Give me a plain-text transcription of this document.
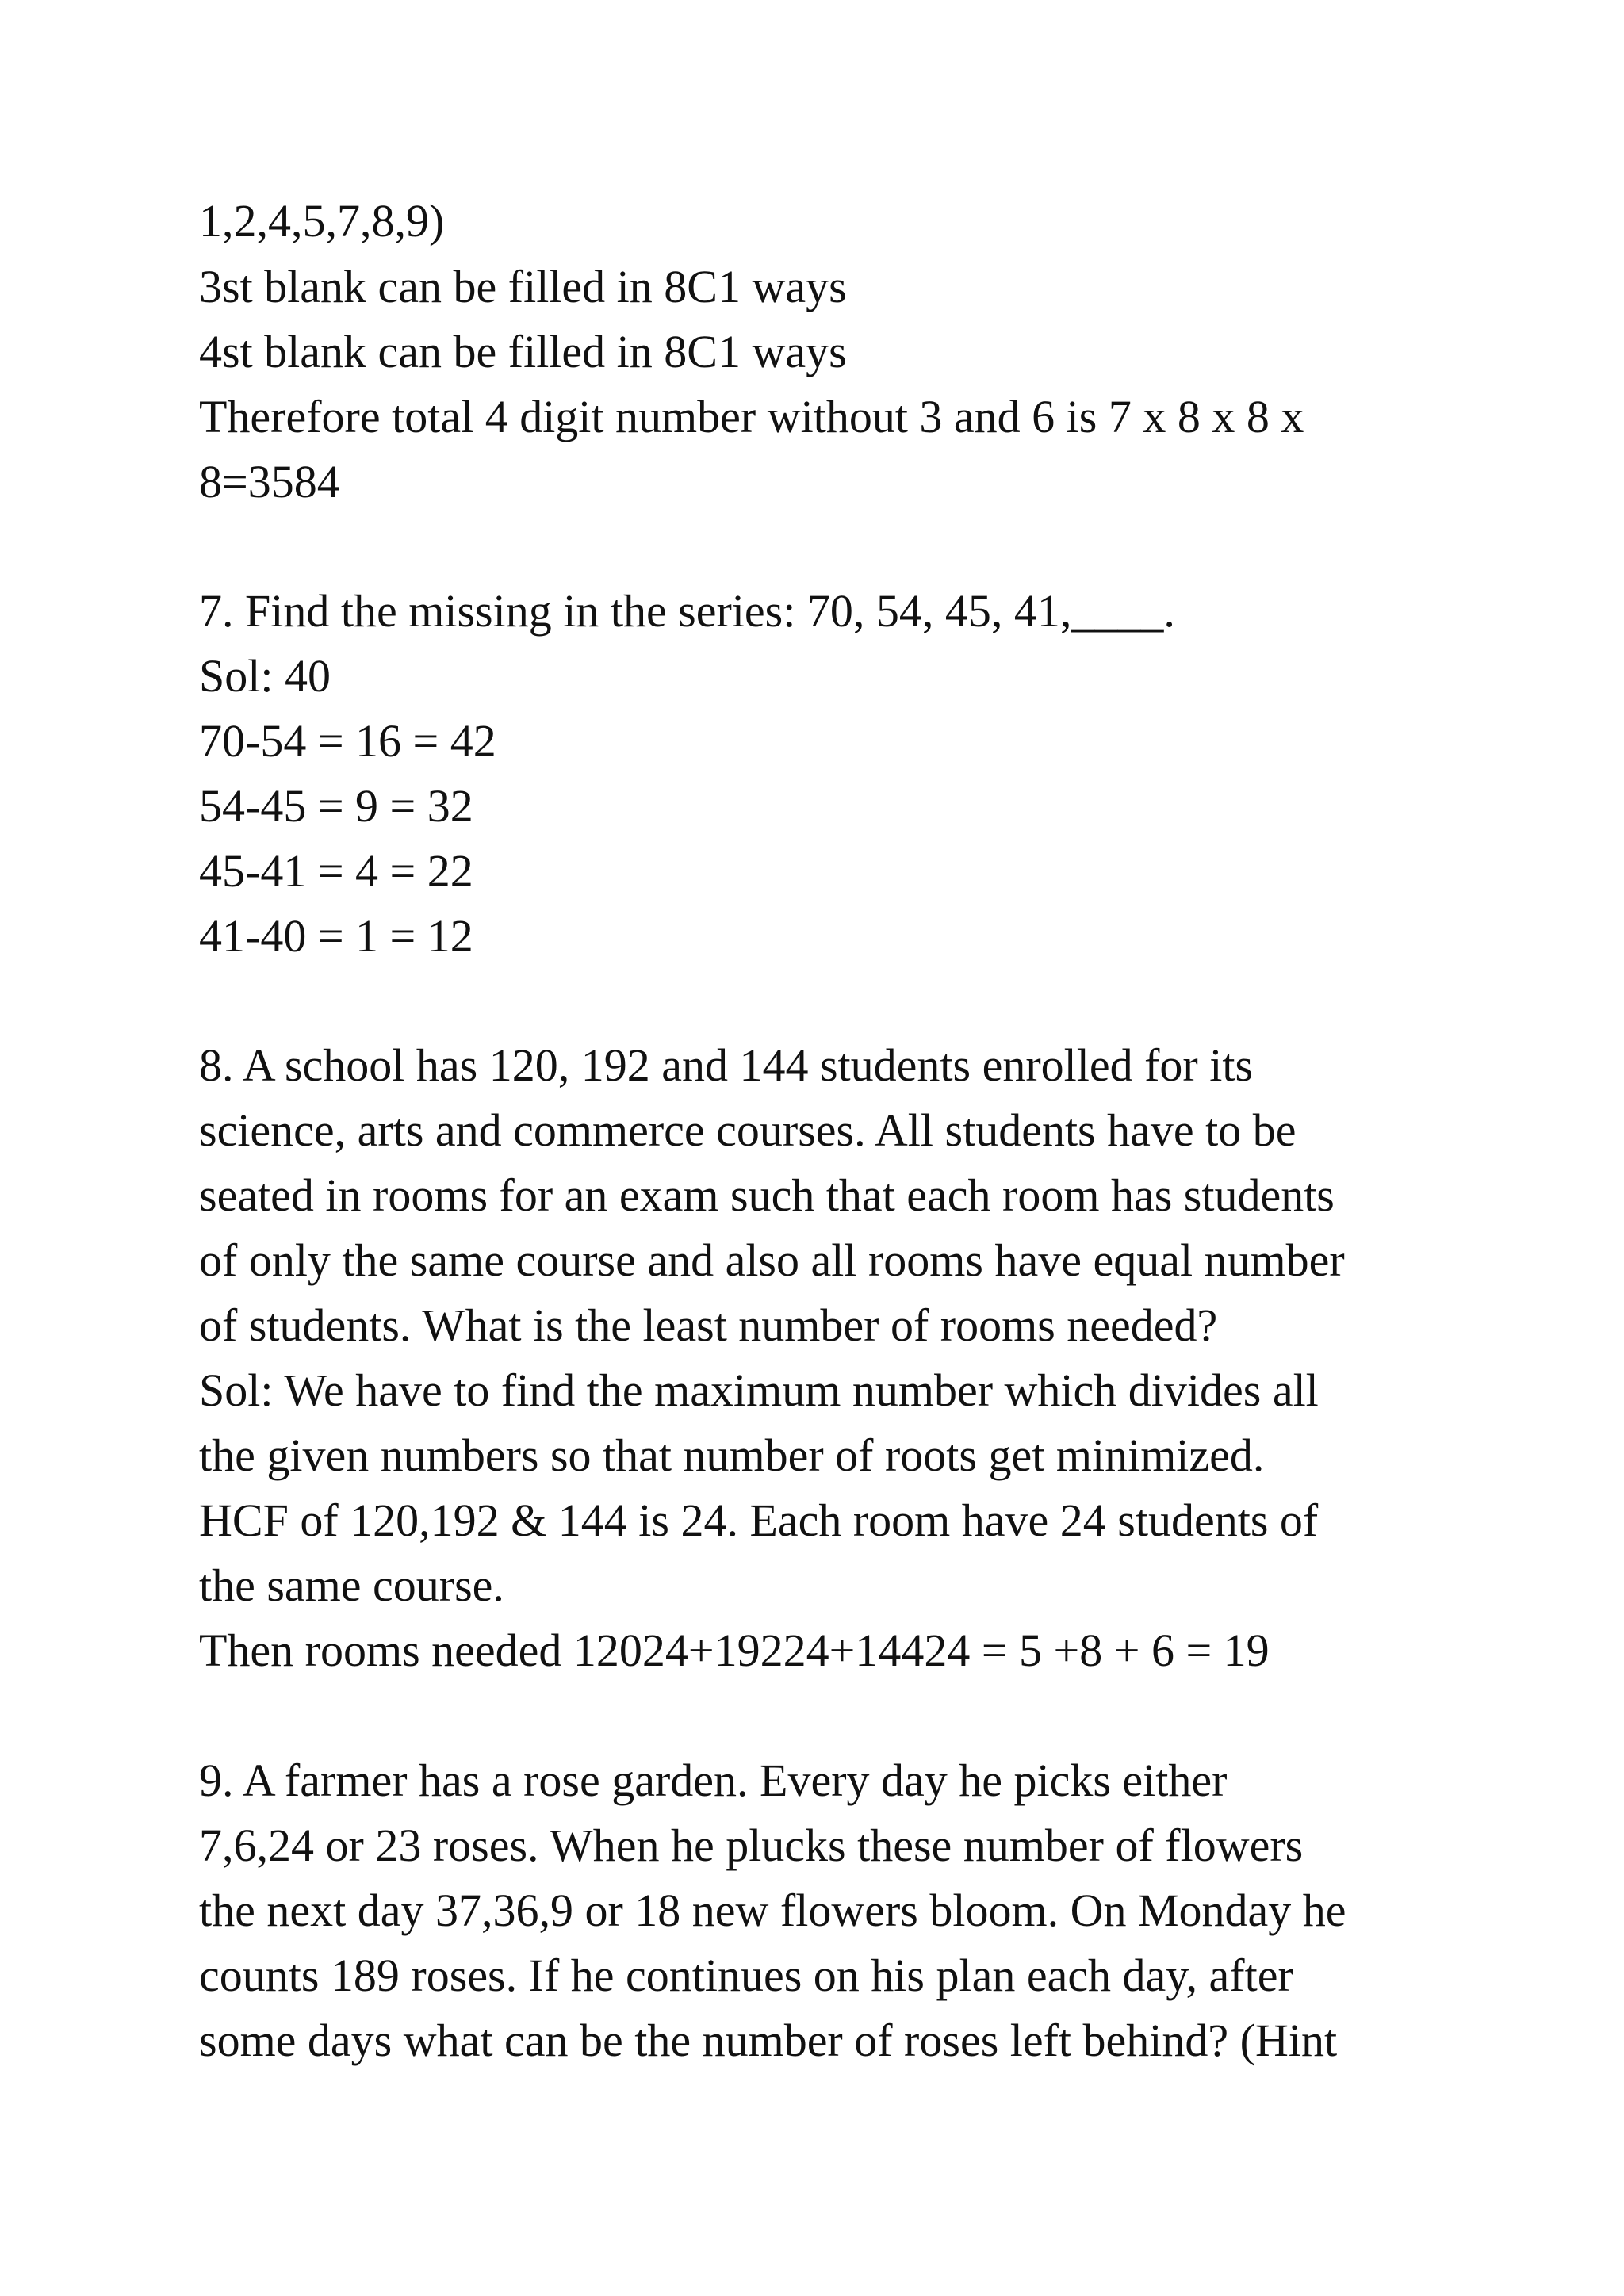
1,2,4,5,7,8,9)
3st blank can be filled in 8C1 ways
4st blank can be filled in 8C1 ways
Therefore total 4 digit number without 3 and 6 is 7 x 8 x 8 x
8=3584
7. Find the missing in the series: 70, 54, 45, 41,____.
Sol: 40
70-54 = 16 = 42
54-45 = 9 = 32
45-41 = 4 = 22
41-40 = 1 = 12
8. A school has 120, 192 and 144 students enrolled for its
science, arts and commerce courses. All students have to be
seated in rooms for an exam such that each room has students
of only the same course and also all rooms have equal number
of students. What is the least number of rooms needed?
Sol: We have to find the maximum number which divides all
the given numbers so that number of roots get minimized.
HCF of 120,192 & 144 is 24. Each room have 24 students of
the same course.
Then rooms needed 12024+19224+14424 = 5 +8 + 6 = 19
9. A farmer has a rose garden. Every day he picks either
7,6,24 or 23 roses. When he plucks these number of flowers
the next day 37,36,9 or 18 new flowers bloom. On Monday he
counts 189 roses. If he continues on his plan each day, after
some days what can be the number of roses left behind? (Hint
